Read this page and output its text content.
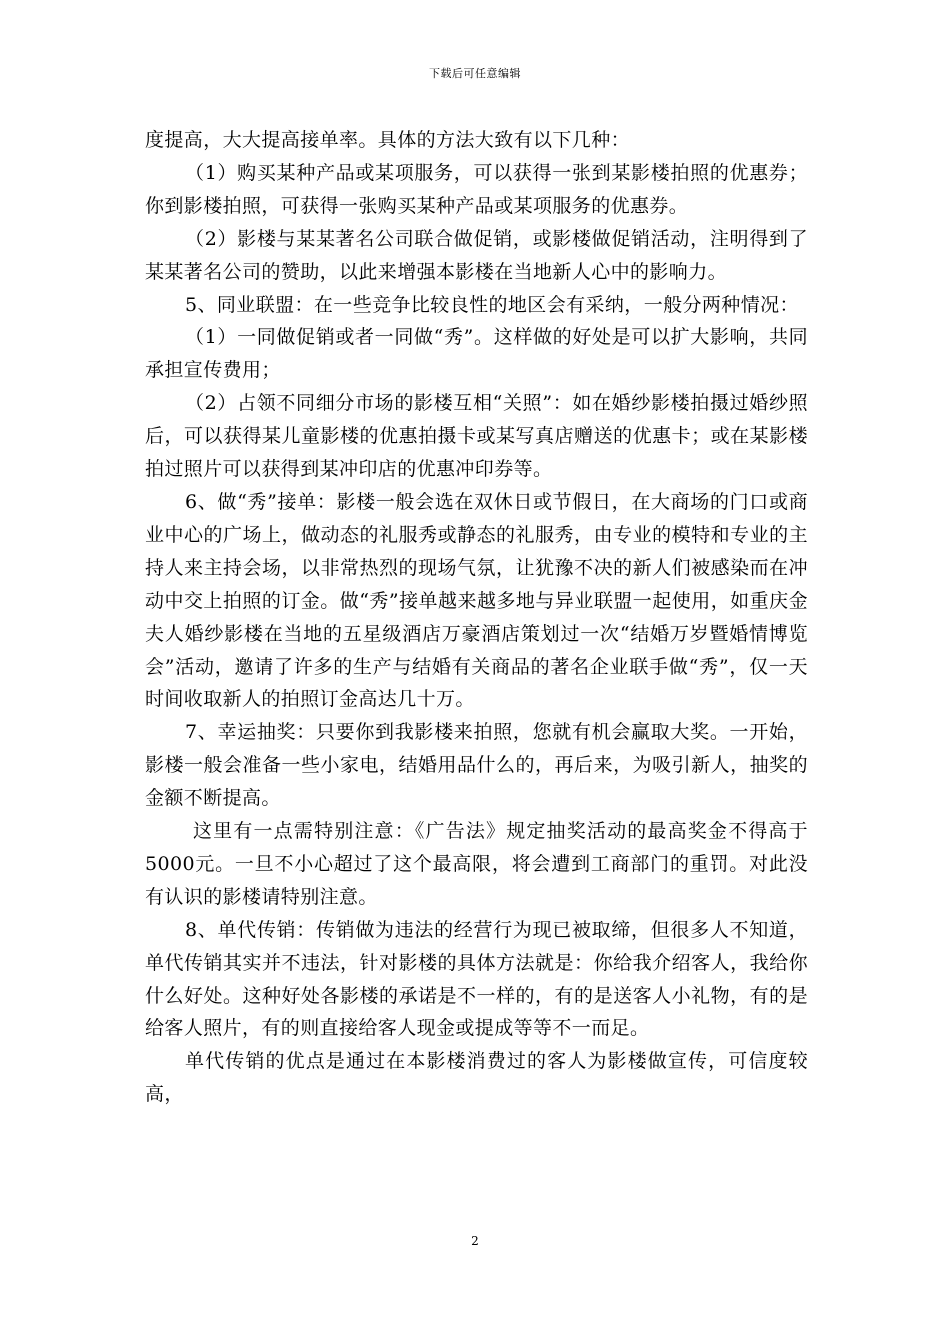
下载后可任意编辑

度提高，大大提高接单率。具体的方法大致有以下几种：

（1）购买某种产品或某项服务，可以获得一张到某影楼拍照的优惠券；你到影楼拍照，可获得一张购买某种产品或某项服务的优惠券。

（2）影楼与某某著名公司联合做促销，或影楼做促销活动，注明得到了某某著名公司的赞助，以此来增强本影楼在当地新人心中的影响力。

5、同业联盟：在一些竞争比较良性的地区会有采纳，一般分两种情况：

（1）一同做促销或者一同做“秀”。这样做的好处是可以扩大影响，共同承担宣传费用；

（2）占领不同细分市场的影楼互相“关照”：如在婚纱影楼拍摄过婚纱照后，可以获得某儿童影楼的优惠拍摄卡或某写真店赠送的优惠卡；或在某影楼拍过照片可以获得到某冲印店的优惠冲印券等。

6、做“秀”接单：影楼一般会选在双休日或节假日，在大商场的门口或商业中心的广场上，做动态的礼服秀或静态的礼服秀，由专业的模特和专业的主持人来主持会场，以非常热烈的现场气氛，让犹豫不决的新人们被感染而在冲动中交上拍照的订金。做“秀”接单越来越多地与异业联盟一起使用，如重庆金夫人婚纱影楼在当地的五星级酒店万豪酒店策划过一次“结婚万岁暨婚情博览会”活动，邀请了许多的生产与结婚有关商品的著名企业联手做“秀”，仅一天时间收取新人的拍照订金高达几十万。

7、幸运抽奖：只要你到我影楼来拍照，您就有机会赢取大奖。一开始，影楼一般会准备一些小家电，结婚用品什么的，再后来，为吸引新人，抽奖的金额不断提高。

这里有一点需特别注意：《广告法》规定抽奖活动的最高奖金不得高于5000元。一旦不小心超过了这个最高限，将会遭到工商部门的重罚。对此没有认识的影楼请特别注意。

8、单代传销：传销做为违法的经营行为现已被取缔，但很多人不知道，单代传销其实并不违法，针对影楼的具体方法就是：你给我介绍客人，我给你什么好处。这种好处各影楼的承诺是不一样的，有的是送客人小礼物，有的是给客人照片，有的则直接给客人现金或提成等等不一而足。

单代传销的优点是通过在本影楼消费过的客人为影楼做宣传，可信度较高，

2
